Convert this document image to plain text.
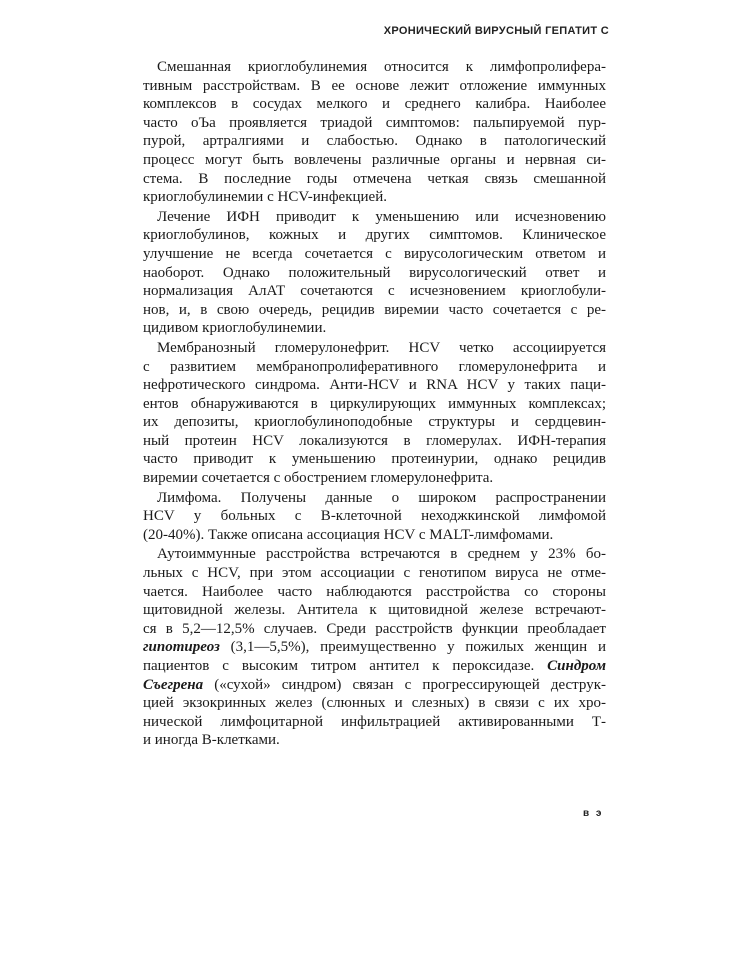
ХРОНИЧЕСКИЙ ВИРУСНЫЙ ГЕПАТИТ С

Смешанная криоглобулинемия относится к лимфопролифера-
тивным расстройствам. В ее основе лежит отложение иммунных
комплексов в сосудах мелкого и среднего калибра. Наиболее
часто оЪа проявляется триадой симптомов: пальпируемой пур-
пурой, артралгиями и слабостью. Однако в патологический
процесс могут быть вовлечены различные органы и нервная си-
стема. В последние годы отмечена четкая связь смешанной
криоглобулинемии с HCV-инфекцией.

Лечение ИФН приводит к уменьшению или исчезновению
криоглобулинов, кожных и других симптомов. Клиническое
улучшение не всегда сочетается с вирусологическим ответом и
наоборот. Однако положительный вирусологический ответ и
нормализация АлАТ сочетаются с исчезновением криоглобули-
нов, и, в свою очередь, рецидив виремии часто сочетается с ре-
цидивом криоглобулинемии.

Мембранозный гломерулонефрит. HCV четко ассоциируется
с развитием мембранопролиферативного гломерулонефрита и
нефротического синдрома. Анти-HCV и RNA HCV у таких паци-
ентов обнаруживаются в циркулирующих иммунных комплексах;
их депозиты, криоглобулиноподобные структуры и сердцевин-
ный протеин HCV локализуются в гломерулах. ИФН-терапия
часто приводит к уменьшению протеинурии, однако рецидив
виремии сочетается с обострением гломерулонефрита.

Лимфома. Получены данные о широком распространении
HCV у больных с В-клеточной неходжкинской лимфомой
(20-40%). Также описана ассоциация HCV с MALT-лимфомами.

Аутоиммунные расстройства встречаются в среднем у 23% бо-
льных с HCV, при этом ассоциации с генотипом вируса не отме-
чается. Наиболее часто наблюдаются расстройства со стороны
щитовидной железы. Антитела к щитовидной железе встречают-
ся в 5,2—12,5% случаев. Среди расстройств функции преобладает
гипотиреоз (3,1—5,5%), преимущественно у пожилых женщин и
пациентов с высоким титром антител к пероксидазе. Синдром
Съегрена («сухой» синдром) связан с прогрессирующей деструк-
цией экзокринных желез (слюнных и слезных) в связи с их хро-
нической лимфоцитарной инфильтрацией активированными Т-
и иногда В-клетками.

в э
